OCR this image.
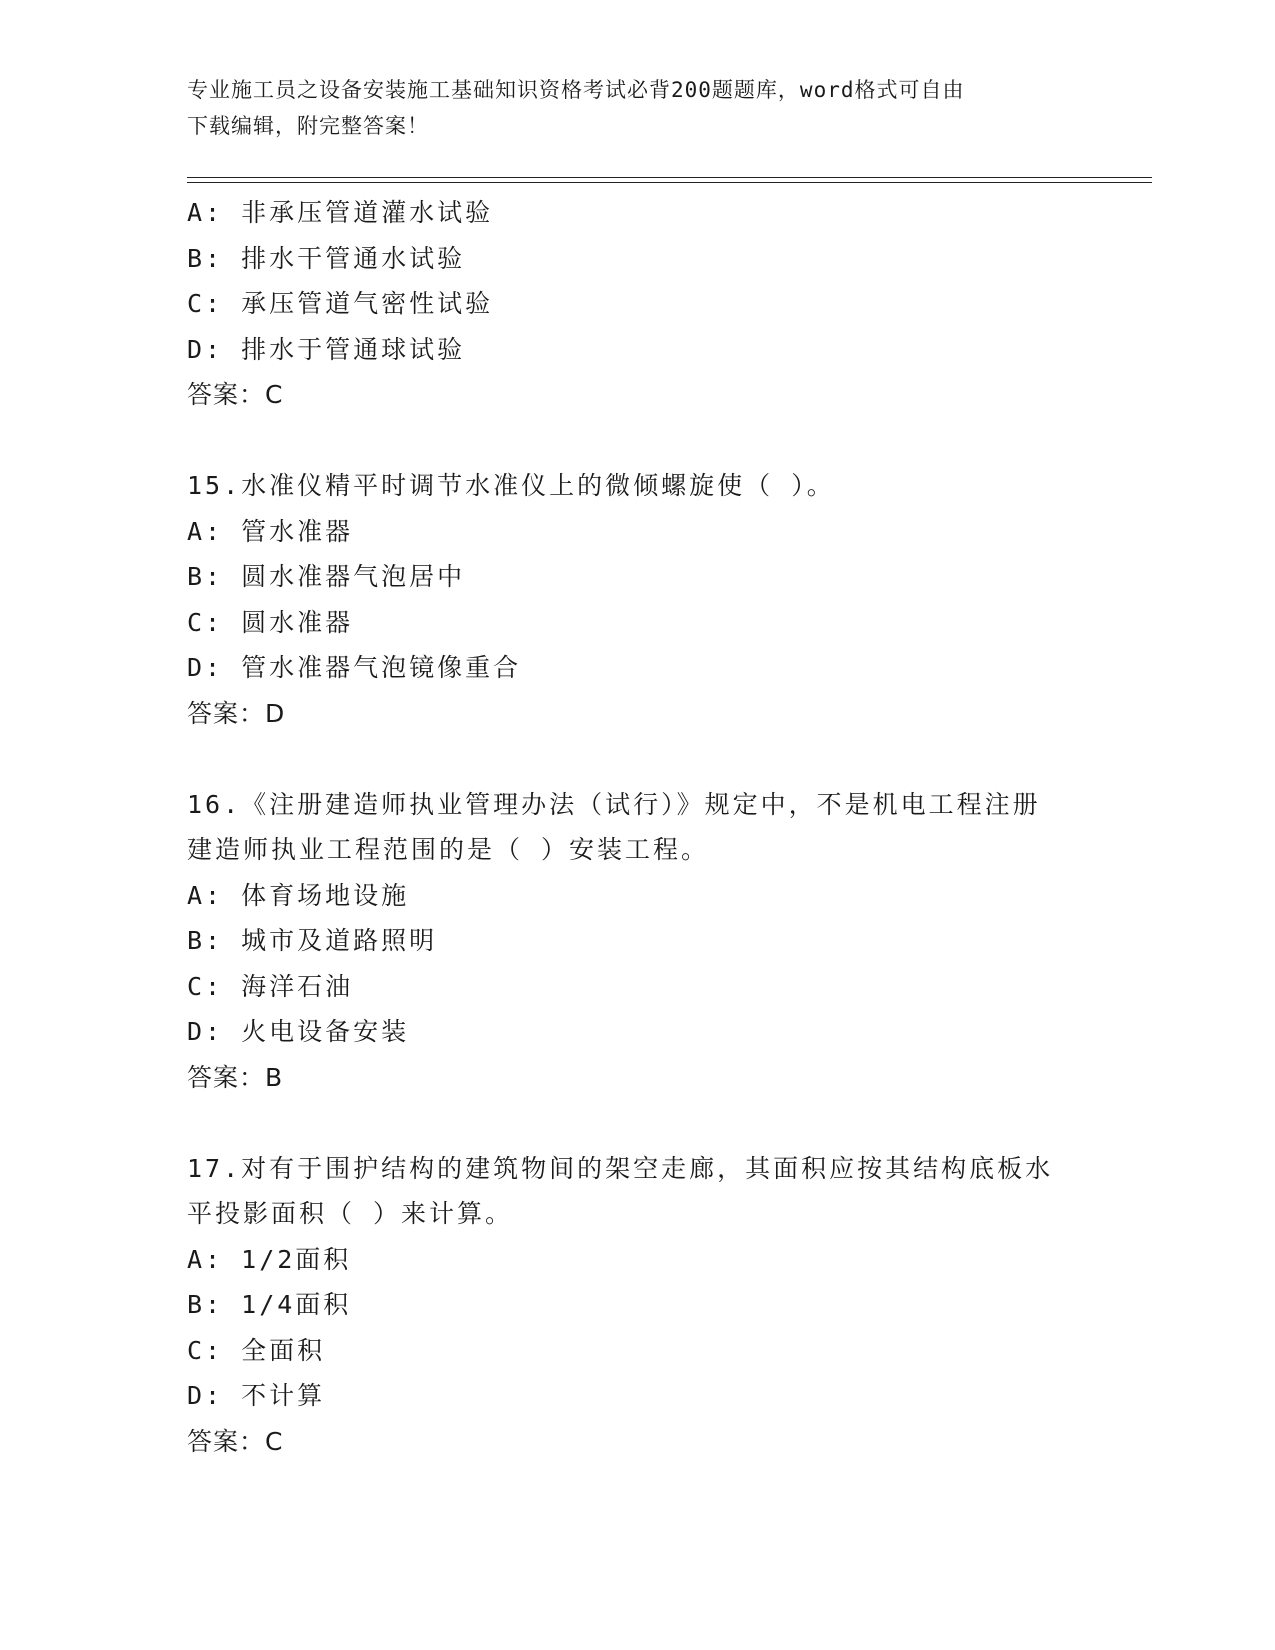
专业施工员之设备安装施工基础知识资格考试必背200题题库，word格式可自由
下载编辑，附完整答案！
A: 非承压管道灌水试验
B: 排水干管通水试验
C: 承压管道气密性试验
D: 排水于管通球试验
答案：C
15.水准仪精平时调节水准仪上的微倾螺旋使（ ）。
A: 管水准器
B: 圆水准器气泡居中
C: 圆水准器
D: 管水准器气泡镜像重合
答案：D
16.《注册建造师执业管理办法（试行）》规定中，不是机电工程注册
建造师执业工程范围的是（ ）安装工程。
A: 体育场地设施
B: 城市及道路照明
C: 海洋石油
D: 火电设备安装
答案：B
17.对有于围护结构的建筑物间的架空走廊，其面积应按其结构底板水
平投影面积（ ）来计算。
A: 1/2面积
B: 1/4面积
C: 全面积
D: 不计算
答案：C
